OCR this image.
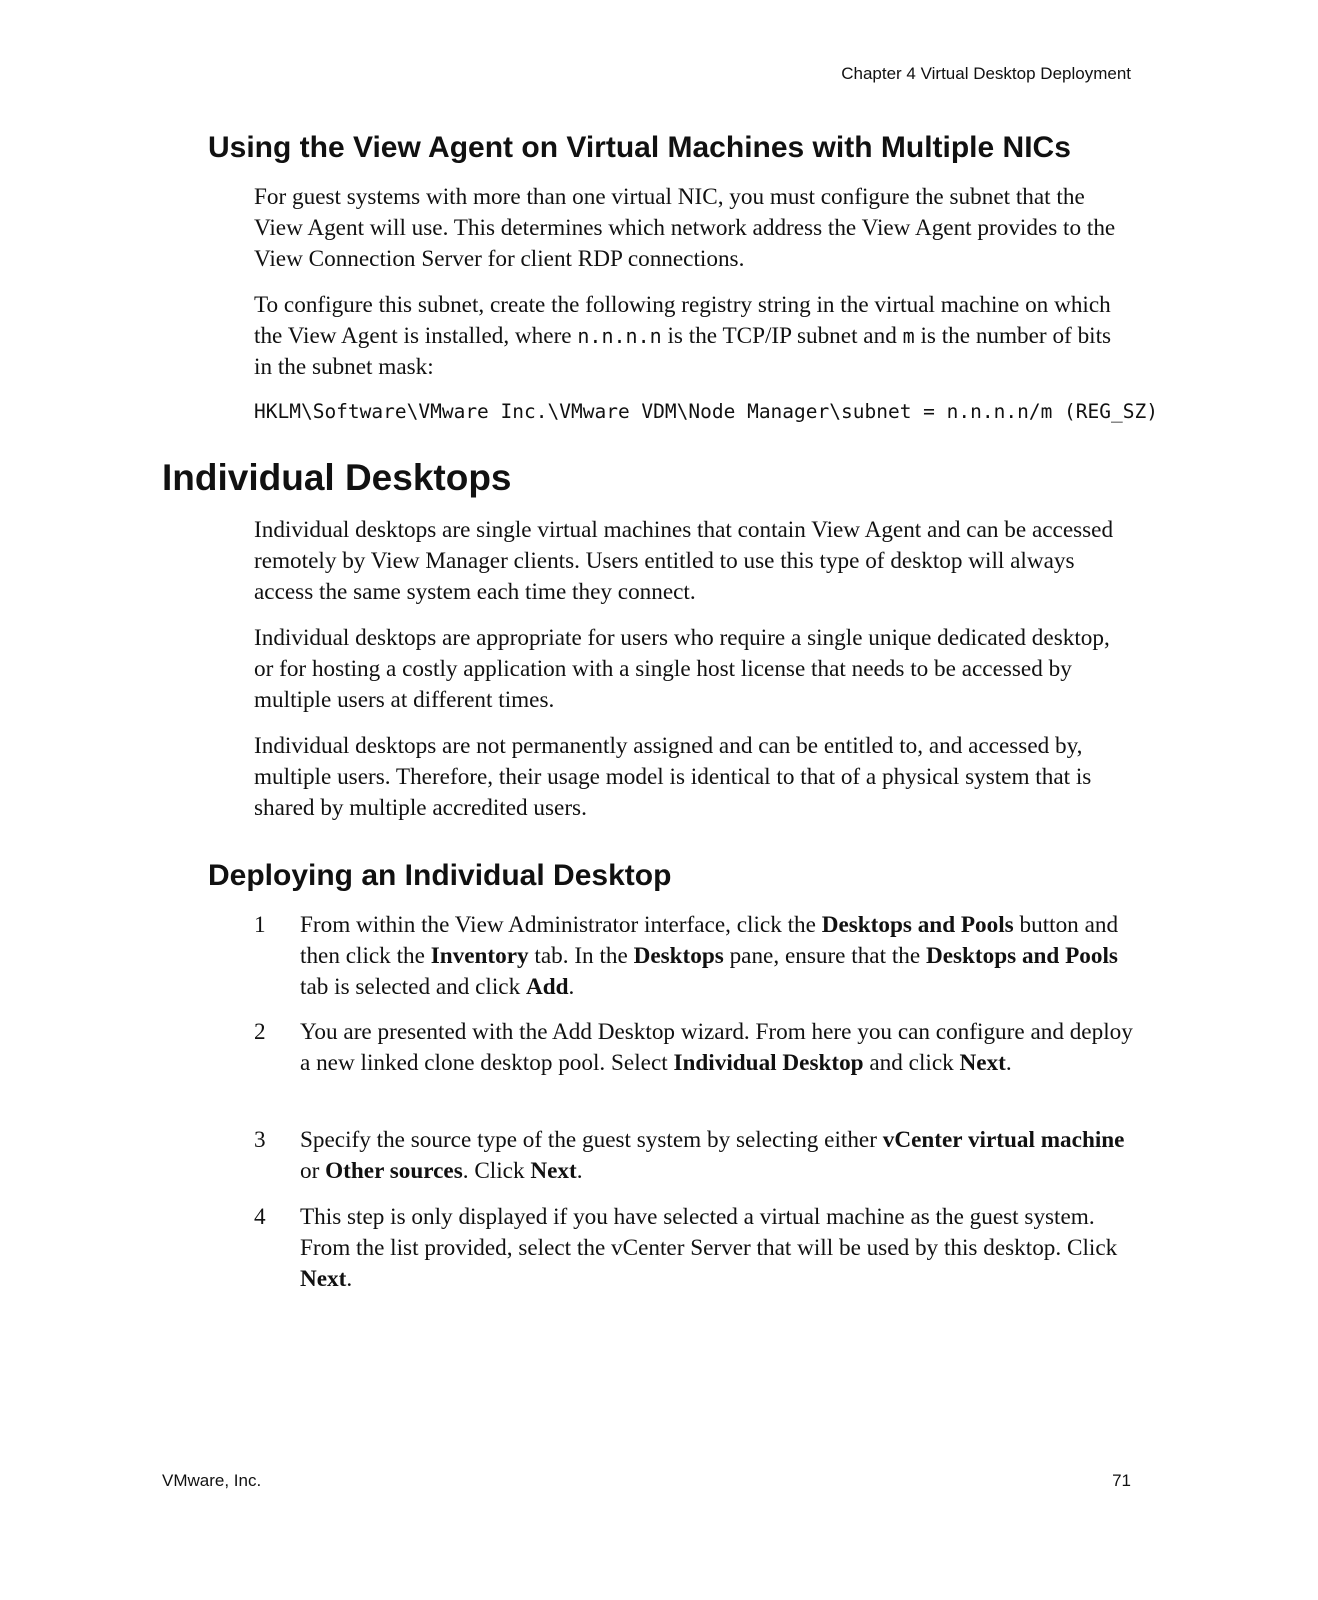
Chapter 4 Virtual Desktop Deployment
Using the View Agent on Virtual Machines with Multiple NICs

For guest systems with more than one virtual NIC, you must configure the subnet that the View Agent will use. This determines which network address the View Agent provides to the View Connection Server for client RDP connections.

To configure this subnet, create the following registry string in the virtual machine on which the View Agent is installed, where n.n.n.n is the TCP/IP subnet and m is the number of bits in the subnet mask:

HKLM\Software\VMware Inc.\VMware VDM\Node Manager\subnet = n.n.n.n/m (REG_SZ)
Individual Desktops

Individual desktops are single virtual machines that contain View Agent and can be accessed remotely by View Manager clients. Users entitled to use this type of desktop will always access the same system each time they connect.

Individual desktops are appropriate for users who require a single unique dedicated desktop, or for hosting a costly application with a single host license that needs to be accessed by multiple users at different times.

Individual desktops are not permanently assigned and can be entitled to, and accessed by, multiple users. Therefore, their usage model is identical to that of a physical system that is shared by multiple accredited users.

Deploying an Individual Desktop
1 From within the View Administrator interface, click the Desktops and Pools button and then click the Inventory tab. In the Desktops pane, ensure that the Desktops and Pools tab is selected and click Add.

2 You are presented with the Add Desktop wizard. From here you can configure and deploy a new linked clone desktop pool. Select Individual Desktop and click Next.

3 Specify the source type of the guest system by selecting either vCenter virtual machine or Other sources. Click Next.

4 This step is only displayed if you have selected a virtual machine as the guest system. From the list provided, select the vCenter Server that will be used by this desktop. Click Next.

VMware, Inc.	71
